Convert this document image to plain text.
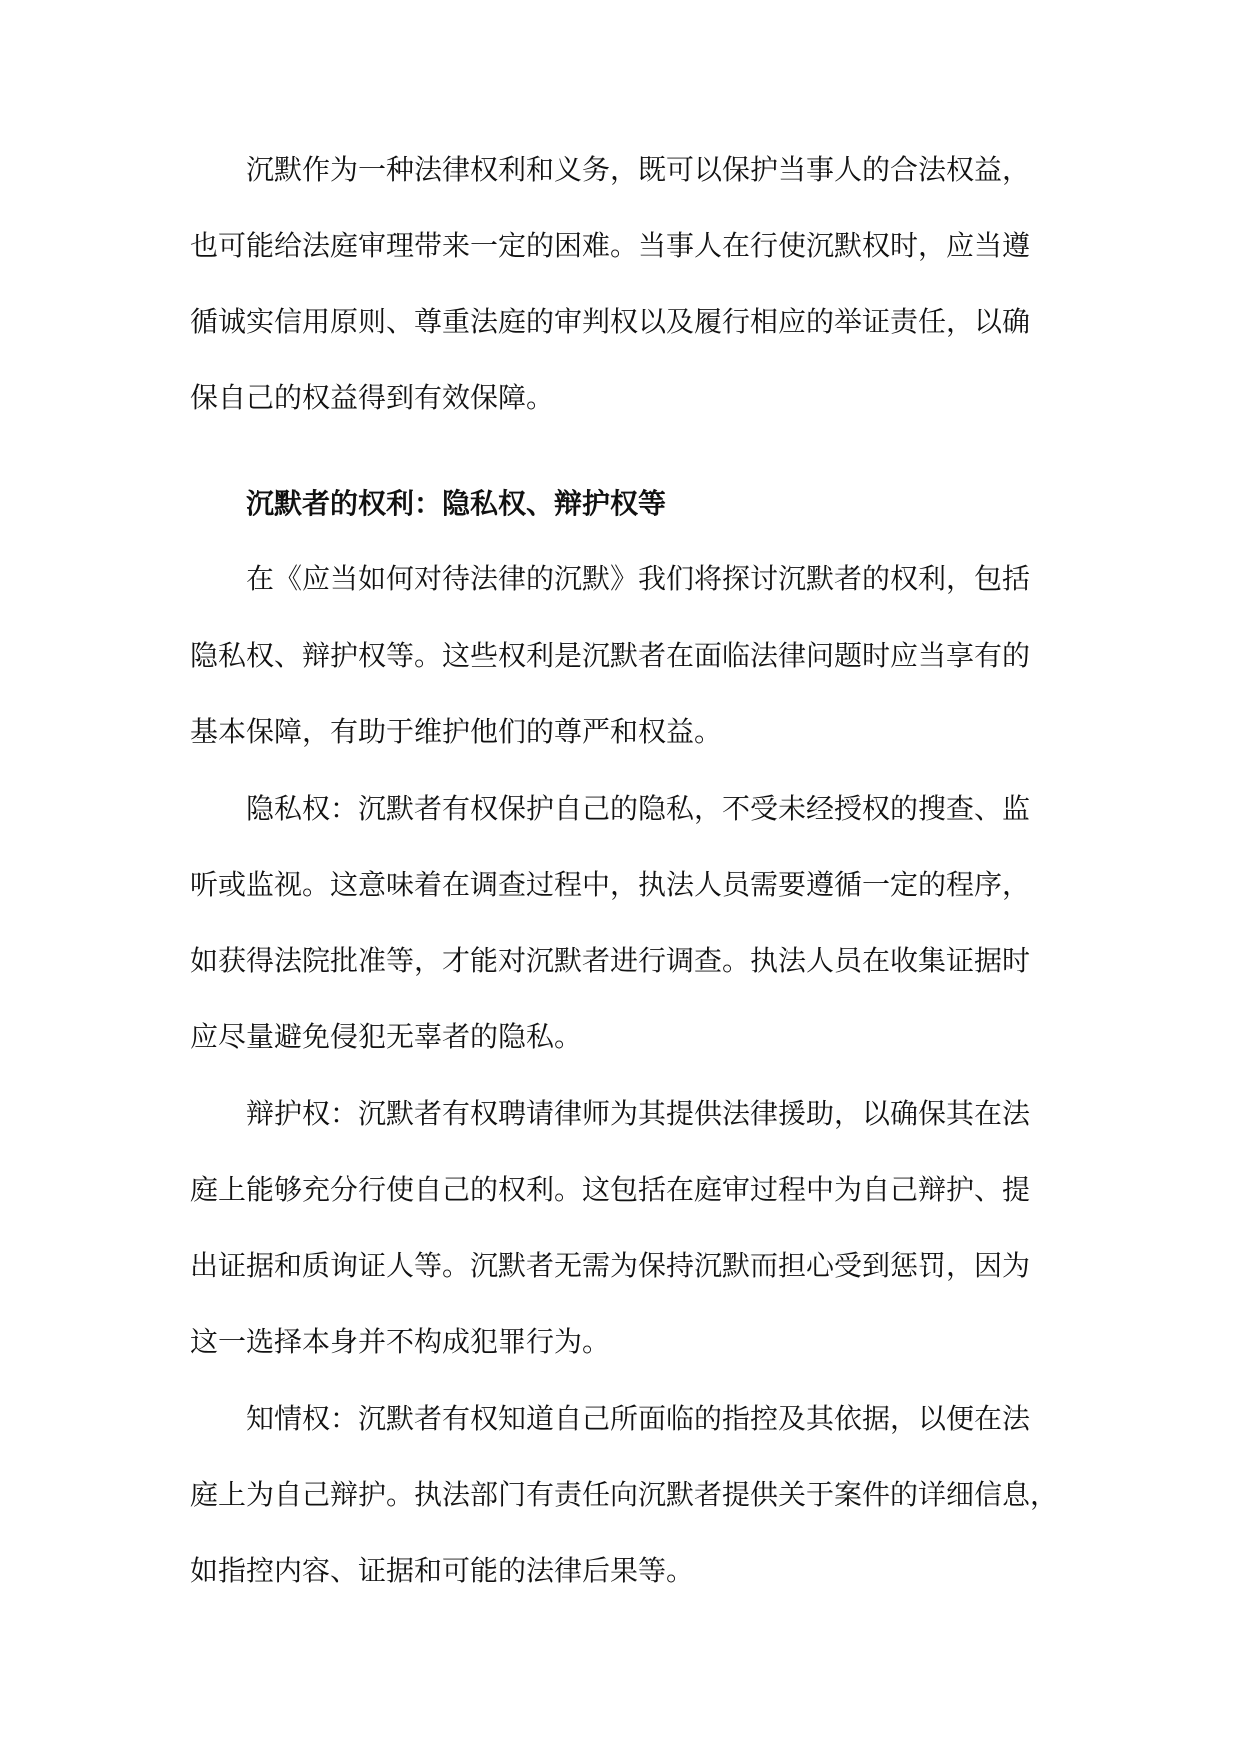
沉默作为一种法律权利和义务，既可以保护当事人的合法权益，

也可能给法庭审理带来一定的困难。当事人在行使沉默权时，应当遵

循诚实信用原则、尊重法庭的审判权以及履行相应的举证责任，以确

保自己的权益得到有效保障。

沉默者的权利：隐私权、辩护权等

在《应当如何对待法律的沉默》我们将探讨沉默者的权利，包括

隐私权、辩护权等。这些权利是沉默者在面临法律问题时应当享有的

基本保障，有助于维护他们的尊严和权益。

隐私权：沉默者有权保护自己的隐私，不受未经授权的搜查、监

听或监视。这意味着在调查过程中，执法人员需要遵循一定的程序，

如获得法院批准等，才能对沉默者进行调查。执法人员在收集证据时

应尽量避免侵犯无辜者的隐私。

辩护权：沉默者有权聘请律师为其提供法律援助，以确保其在法

庭上能够充分行使自己的权利。这包括在庭审过程中为自己辩护、提

出证据和质询证人等。沉默者无需为保持沉默而担心受到惩罚，因为

这一选择本身并不构成犯罪行为。

知情权：沉默者有权知道自己所面临的指控及其依据，以便在法

庭上为自己辩护。执法部门有责任向沉默者提供关于案件的详细信息，

如指控内容、证据和可能的法律后果等。
